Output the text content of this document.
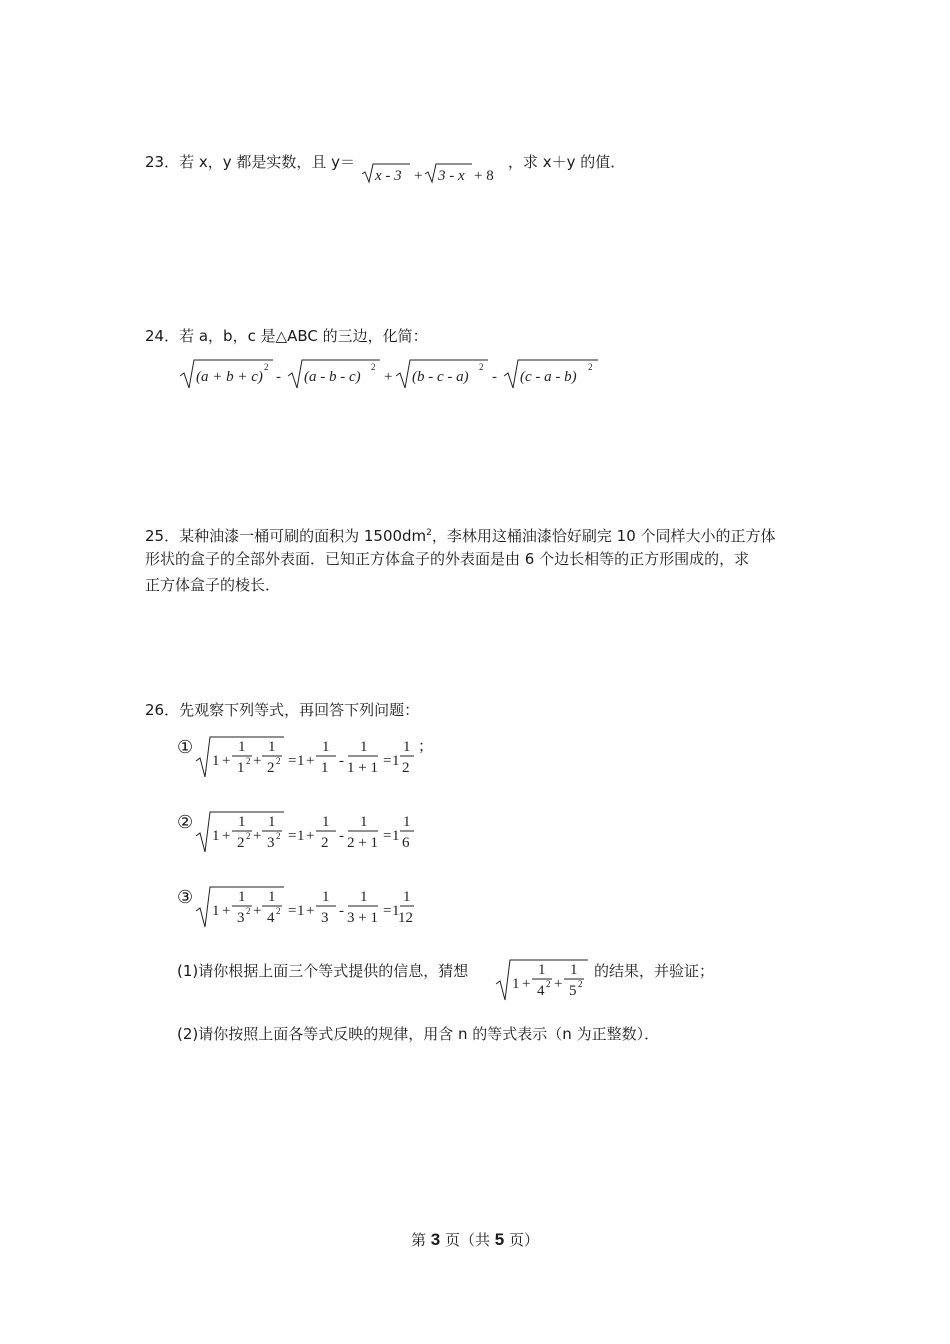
23．若 x，y 都是实数，且 y＝
x - 3 + 3 - x + 8
，求 x＋y 的值．
24．若 a，b，c 是△ABC 的三边，化简：
(a + b + c)
2
- (a - b - c)
2
+ (b - c - a)
2
- (c - a - b)
2
25．某种油漆一桶可刷的面积为 $1500dm^2$，李林用这桶油漆恰好刷完 10 个同样大小的正方体
形状的盒子的全部外表面．已知正方体盒子的外表面是由 6 个边长相等的正方形围成的，求
正方体盒子的棱长．
26．先观察下列等式，再回答下列问题：
①
1 +
1
1 2 +
1
2 2 = 1 +
1
1 -
1
1 + 1 = 1
1
2
；
②
1 +
1
2 2 +
1
3 2 = 1 +
1
2 -
1
2 + 1 = 1
1
6
③
1 +
1
3 2 +
1
4 2 = 1 +
1
3 -
1
3 + 1 = 1
1
12
(1)请你根据上面三个等式提供的信息，猜想
1 +
1
4 2 +
1
5 2
的结果，并验证；
(2)请你按照上面各等式反映的规律，用含 n 的等式表示（n 为正整数）．
第 3 页（共 5 页）
